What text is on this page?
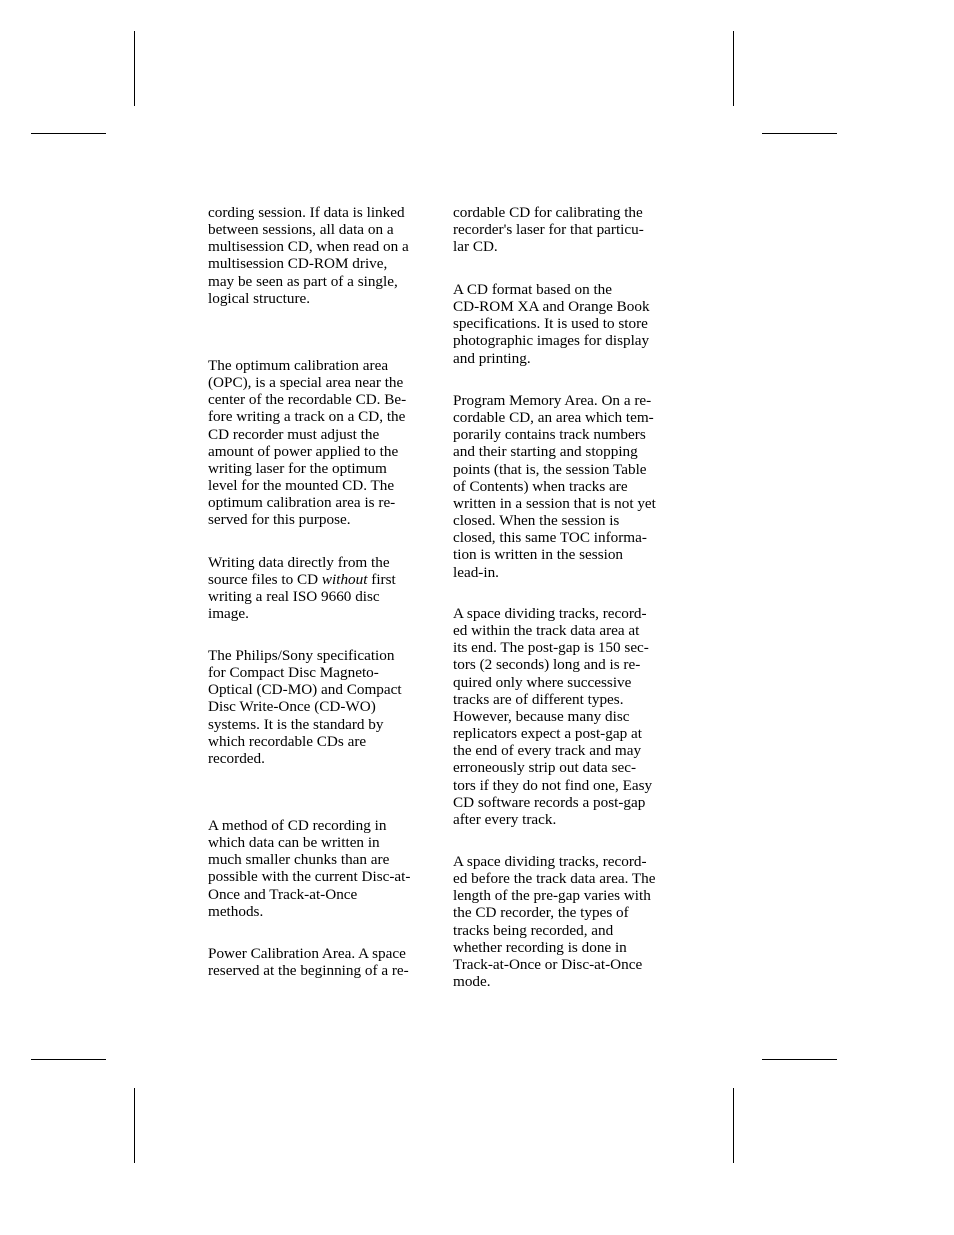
cording session. If data is linked
between sessions, all data on a
multisession CD, when read on a
multisession CD-ROM drive,
may be seen as part of a single,
logical structure.

The optimum calibration area
(OPC), is a special area near the
center of the recordable CD. Be-
fore writing a track on a CD, the
CD recorder must adjust the
amount of power applied to the
writing laser for the optimum
level for the mounted CD. The
optimum calibration area is re-
served for this purpose.

Writing data directly from the
source files to CD without first
writing a real ISO 9660 disc
image.

The Philips/Sony specification
for Compact Disc Magneto-
Optical (CD-MO) and Compact
Disc Write-Once (CD-WO)
systems. It is the standard by
which recordable CDs are
recorded.

A method of CD recording in
which data can be written in
much smaller chunks than are
possible with the current Disc-at-
Once and Track-at-Once
methods.

Power Calibration Area. A space
reserved at the beginning of a re-

cordable CD for calibrating the
recorder's laser for that particu-
lar CD.

A CD format based on the
CD-ROM XA and Orange Book
specifications. It is used to store
photographic images for display
and printing.

Program Memory Area. On a re-
cordable CD, an area which tem-
porarily contains track numbers
and their starting and stopping
points (that is, the session Table
of Contents) when tracks are
written in a session that is not yet
closed. When the session is
closed, this same TOC informa-
tion is written in the session
lead-in.

A space dividing tracks, record-
ed within the track data area at
its end. The post-gap is 150 sec-
tors (2 seconds) long and is re-
quired only where successive
tracks are of different types.
However, because many disc
replicators expect a post-gap at
the end of every track and may
erroneously strip out data sec-
tors if they do not find one, Easy
CD software records a post-gap
after every track.

A space dividing tracks, record-
ed before the track data area. The
length of the pre-gap varies with
the CD recorder, the types of
tracks being recorded, and
whether recording is done in
Track-at-Once or Disc-at-Once
mode.
